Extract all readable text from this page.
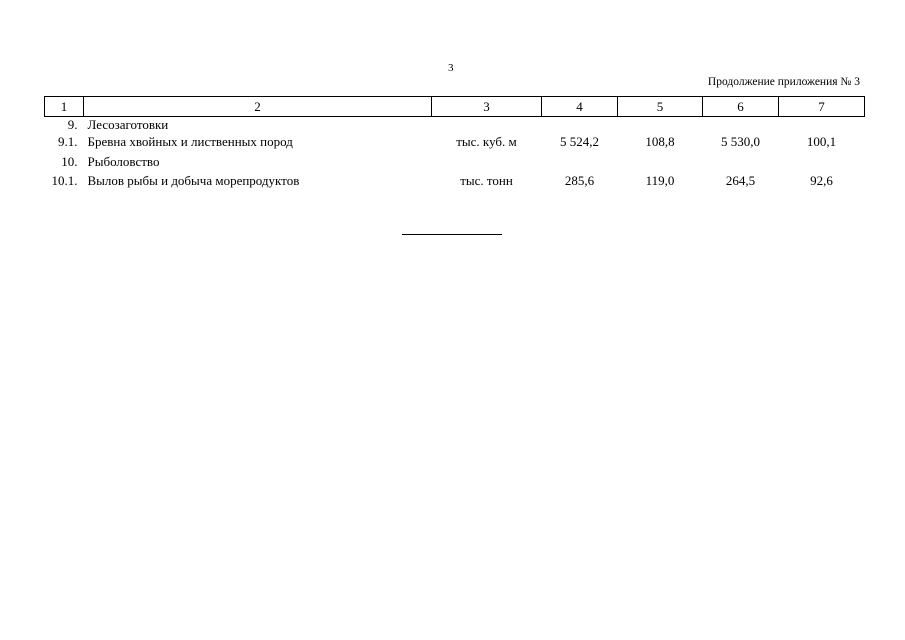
3
Продолжение приложения № 3
1	2	3	4	5	6	7
9.	Лесозаготовки					
9.1.	Бревна хвойных и лиственных пород	тыс. куб. м	5 524,2	108,8	5 530,0	100,1
10.	Рыболовство					
10.1.	Вылов рыбы и добыча морепродуктов	тыс. тонн	285,6	119,0	264,5	92,6
